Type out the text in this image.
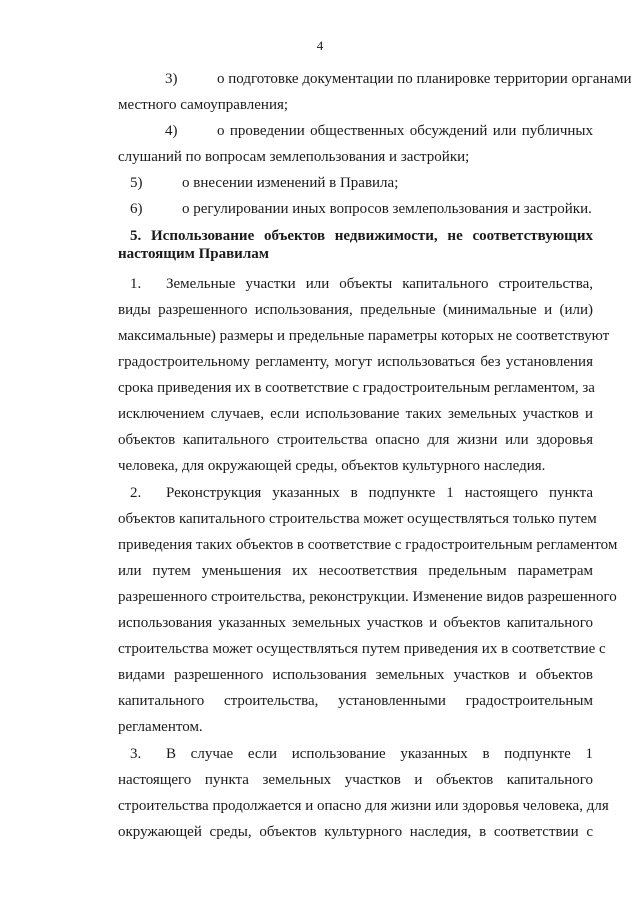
4
3)	о подготовке документации по планировке территории органами
местного самоуправления;
4)	о проведении общественных обсуждений или публичных
слушаний по вопросам землепользования и застройки;
5)	о внесении изменений в Правила;
6)	о регулировании иных вопросов землепользования и застройки.
5. Использование объектов недвижимости, не соответствующих
настоящим Правилам
1. Земельные участки или объекты капитального строительства,
виды разрешенного использования, предельные (минимальные и (или)
максимальные) размеры и предельные параметры которых не соответствуют
градостроительному регламенту, могут использоваться без установления
срока приведения их в соответствие с градостроительным регламентом, за
исключением случаев, если использование таких земельных участков и
объектов капитального строительства опасно для жизни или здоровья
человека, для окружающей среды, объектов культурного наследия.
2. Реконструкция указанных в подпункте 1 настоящего пункта
объектов капитального строительства может осуществляться только путем
приведения таких объектов в соответствие с градостроительным регламентом
или путем уменьшения их несоответствия предельным параметрам
разрешенного строительства, реконструкции. Изменение видов разрешенного
использования указанных земельных участков и объектов капитального
строительства может осуществляться путем приведения их в соответствие с
видами разрешенного использования земельных участков и объектов
капитального строительства, установленными градостроительным
регламентом.
3. В случае если использование указанных в подпункте 1
настоящего пункта земельных участков и объектов капитального
строительства продолжается и опасно для жизни или здоровья человека, для
окружающей среды, объектов культурного наследия, в соответствии с
